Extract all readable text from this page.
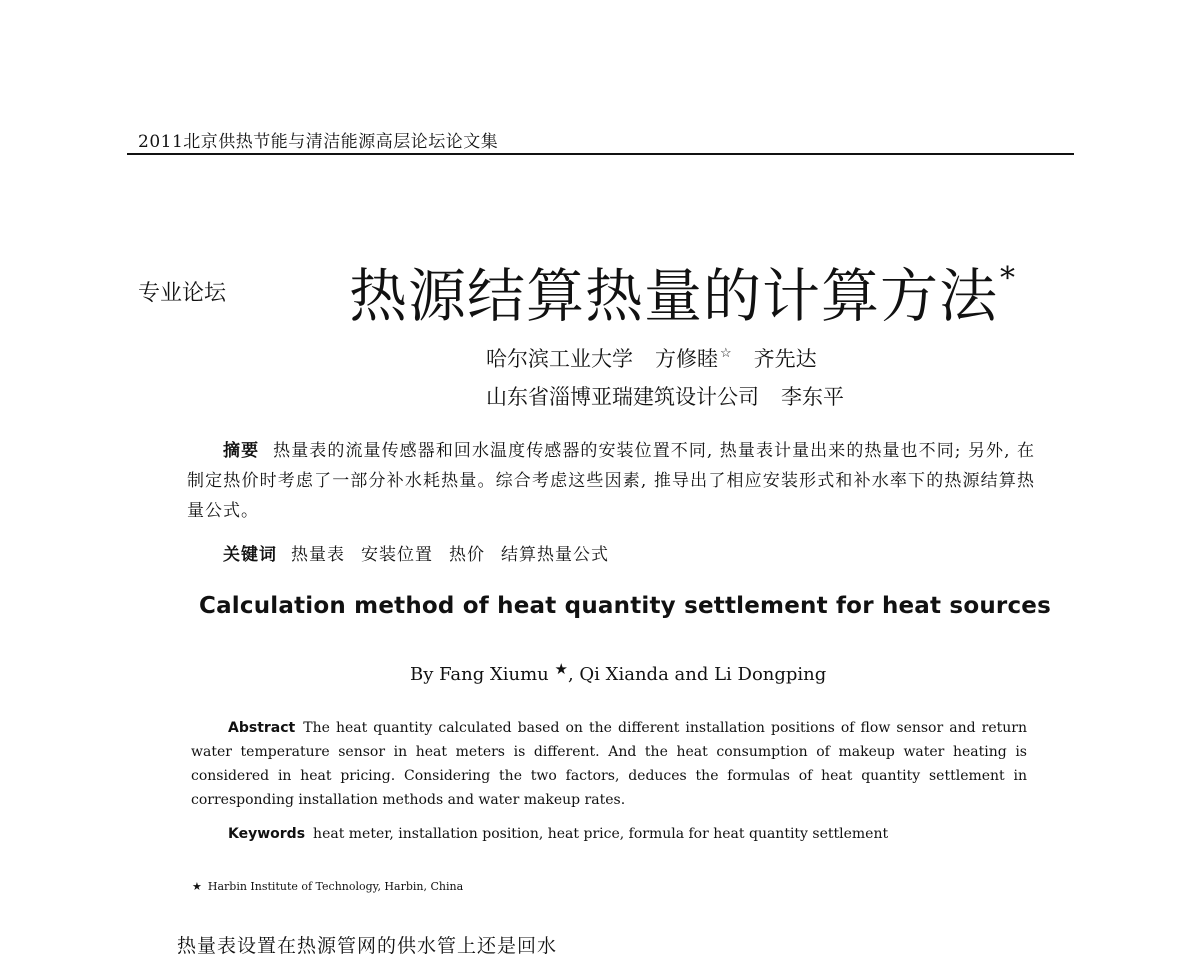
2011北京供热节能与清洁能源高层论坛论文集
专业论坛 热源结算热量的计算方法*
哈尔滨工业大学 方修睦 ☆ 齐先达
山东省淄博亚瑞建筑设计公司 李东平
摘要 热量表的流量传感器和回水温度传感器的安装位置不同, 热量表计量出来的热量也不同; 另外, 在制定热价时考虑了一部分补水耗热量。综合考虑这些因素, 推导出了相应安装形式和补水率下的热源结算热量公式。
关键词 热量表 安装位置 热价 结算热量公式
Calculation method of heat quantity settlement for heat sources
By Fang Xiumu ★, Qi Xianda and Li Dongping
Abstract The heat quantity calculated based on the different installation positions of flow sensor and return water temperature sensor in heat meters is different. And the heat consumption of makeup water heating is considered in heat pricing. Considering the two factors, deduces the formulas of heat quantity settlement in corresponding installation methods and water makeup rates.
Keywords heat meter, installation position, heat price, formula for heat quantity settlement
★ Harbin Institute of Technology, Harbin, China
热量表设置在热源管网的供水管上还是回水
